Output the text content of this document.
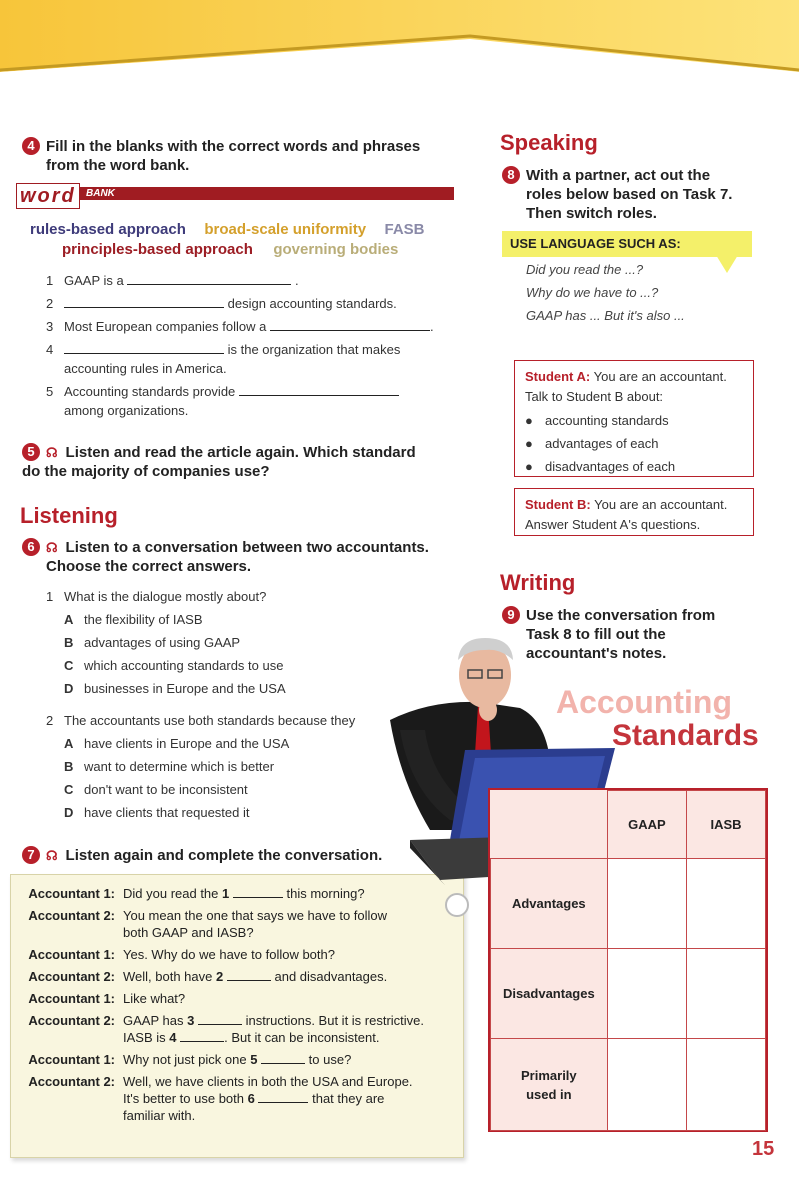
4 Fill in the blanks with the correct words and phrases
from the word bank.
BANK
word
rules-based approach broad-scale uniformity FASB
principles-based approach governing bodies
1 GAAP is a	.
2	design accounting standards.
3 Most European companies follow a	.
4	is the organization that makes
accounting rules in America.
5 Accounting standards provide
among organizations.
5 ☊ Listen and read the article again. Which standard
do the majority of companies use?
Listening
6 ☊ Listen to a conversation between two accountants.
Choose the correct answers.
1 What is the dialogue mostly about?
A the flexibility of IASB
B advantages of using GAAP
C which accounting standards to use
D businesses in Europe and the USA
2 The accountants use both standards because they
A have clients in Europe and the USA
B want to determine which is better
C don't want to be inconsistent
D have clients that requested it
7 ☊ Listen again and complete the conversation.
Accountant 1:	Did you read the 1 this morning?
Accountant 2:	You mean the one that says we have to follow
both GAAP and IASB?
Accountant 1:	Yes. Why do we have to follow both?
Accountant 2:	Well, both have 2 and disadvantages.
Accountant 1:	Like what?
Accountant 2:	GAAP has 3 instructions. But it is restrictive.
IASB is 4 . But it can be inconsistent.
Accountant 1:	Why not just pick one 5 to use?
Accountant 2:	Well, we have clients in both the USA and Europe.
It's better to use both 6 that they are
familiar with.
Speaking
8 With a partner, act out the
roles below based on Task 7.
Then switch roles.
USE LANGUAGE SUCH AS:
Did you read the ...?
Why do we have to ...?
GAAP has ... But it's also ...
Student A: You are an accountant.
Talk to Student B about:
● accounting standards
● advantages of each
● disadvantages of each
Student B: You are an accountant.
Answer Student A's questions.
Writing
9 Use the conversation from
Task 8 to fill out the
accountant's notes.
Accounting
Standards
	GAAP	IASB
Advantages		
Disadvantages		
Primarily used in		
15
